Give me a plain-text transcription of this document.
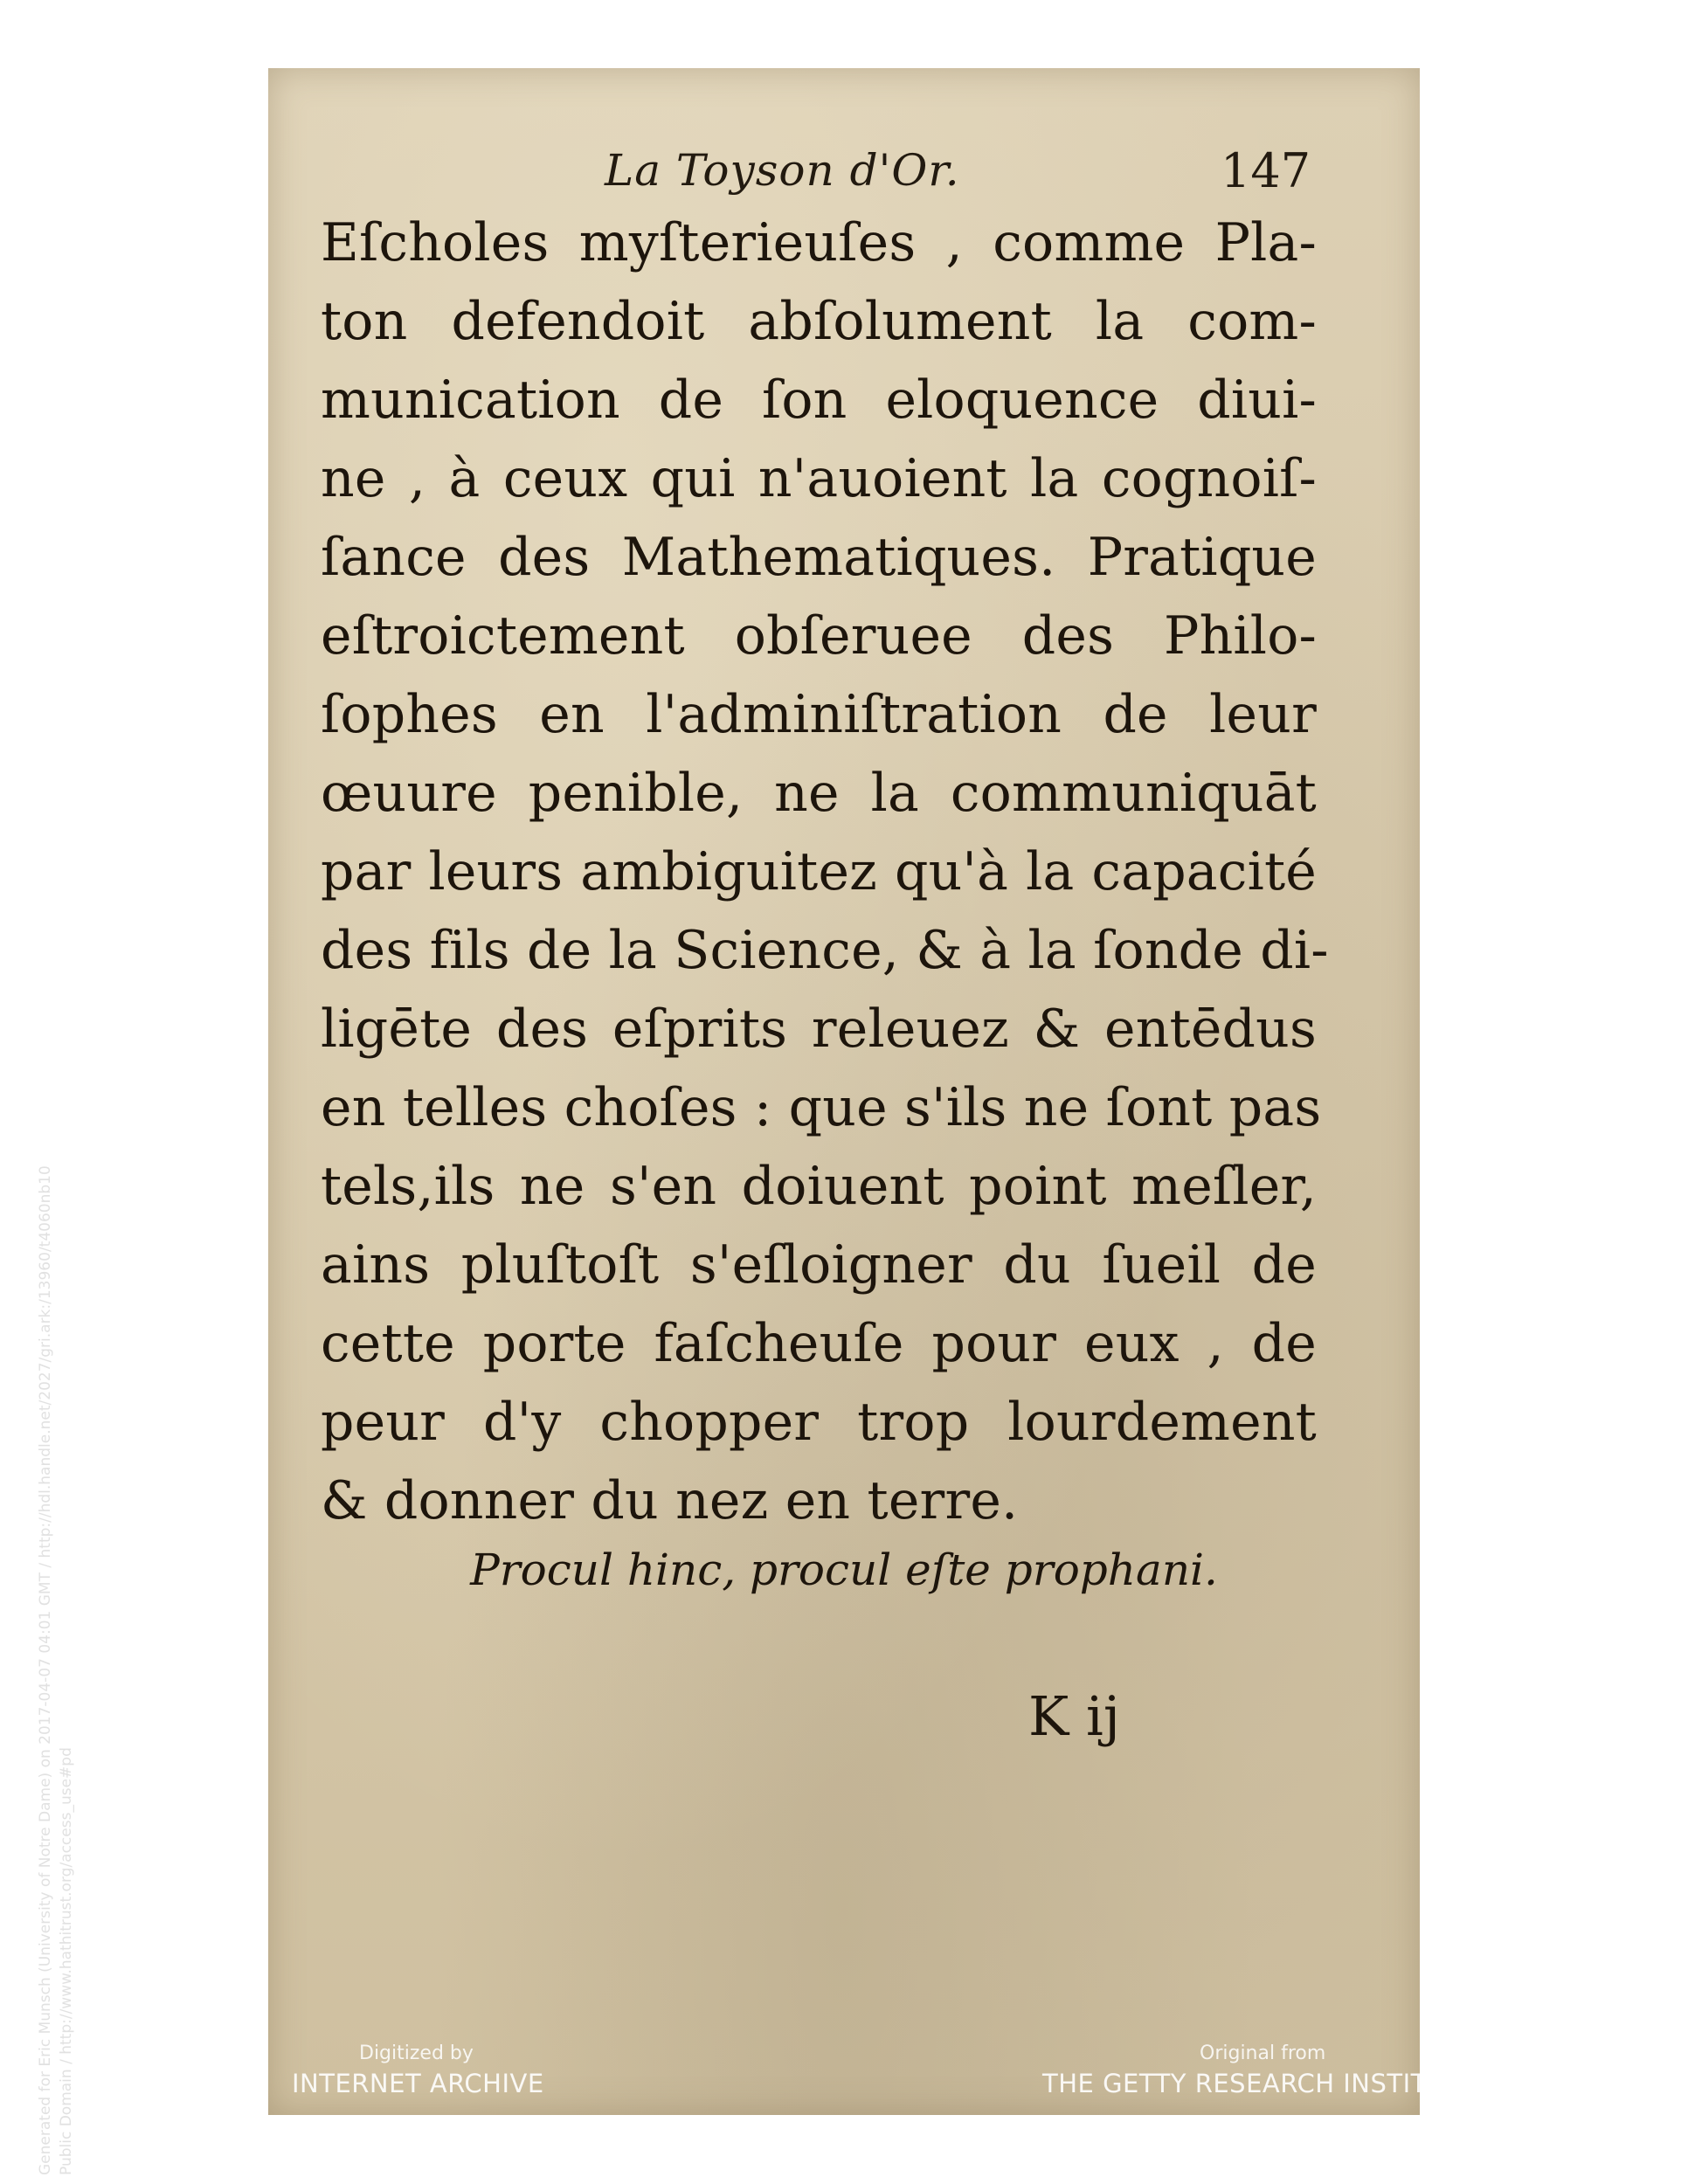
La Toyson d'Or.	147
Eſcholes myſterieuſes , comme Pla-
ton defendoit abſolument la com-
munication de ſon eloquence diui-
ne , à ceux qui n'auoient la cognoiſ-
ſance des Mathematiques. Pratique
eſtroictement obſeruee des Philo-
ſophes en l'adminiſtration de leur
œuure penible, ne la communiquāt
par leurs ambiguitez qu'à la capacité
des fils de la Science, & à la ſonde di-
ligēte des eſprits releuez & entēdus
en telles choſes : que s'ils ne ſont pas
tels,ils ne s'en doiuent point meſler,
ains pluſtoſt s'eſloigner du ſueil de
cette porte faſcheuſe pour eux , de
peur d'y chopper trop lourdement
& donner du nez en terre.
Procul hinc, procul eſte prophani.
K ij
Digitized by
INTERNET ARCHIVE
Original from
THE GETTY RESEARCH INSTITUTE
Generated for Eric Munsch (University of Notre Dame) on 2017-04-07 04:01 GMT / http://hdl.handle.net/2027/gri.ark:/13960/t4060nb10 Public Domain / http://www.hathitrust.org/access_use#pd
